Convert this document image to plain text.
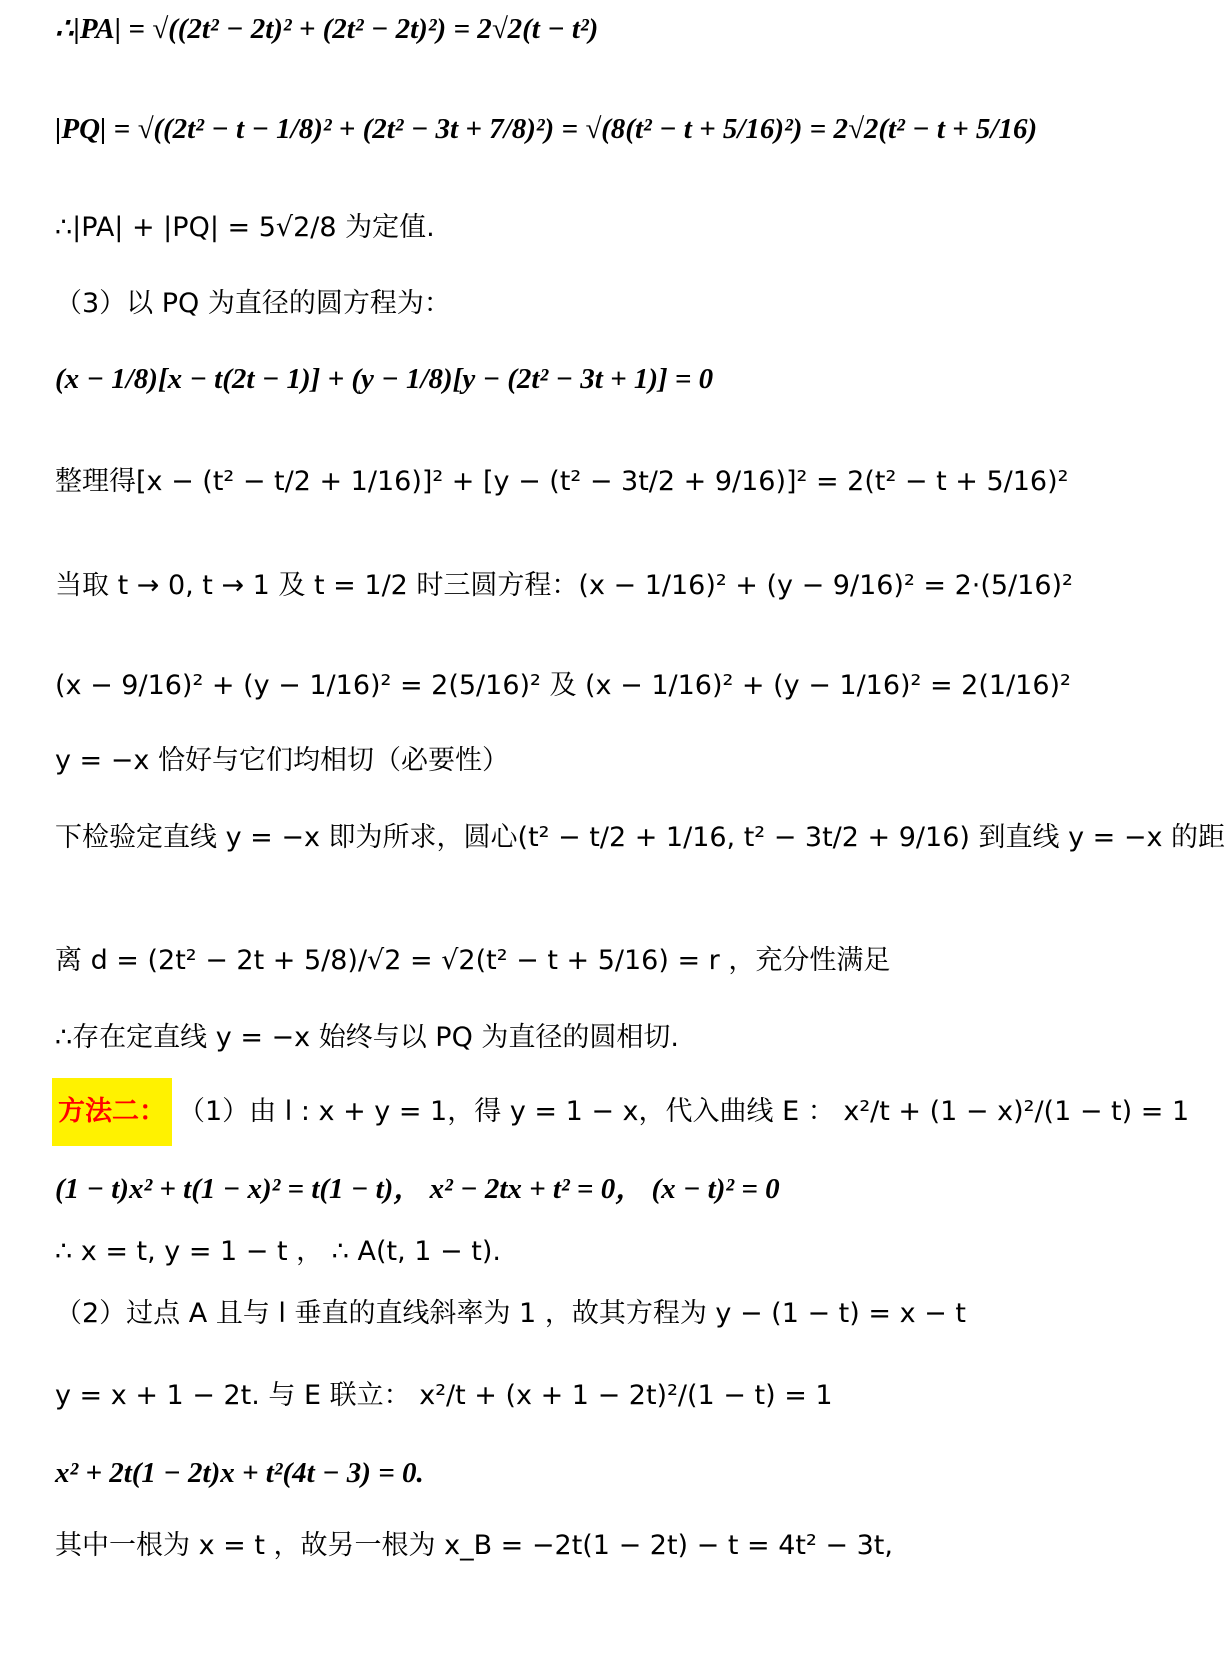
∴|PA| = √((2t² − 2t)² + (2t² − 2t)²) = 2√2(t − t²)
|PQ| = √((2t² − t − 1/8)² + (2t² − 3t + 7/8)²) = √(8(t² − t + 5/16)²) = 2√2(t² − t + 5/16)
∴|PA| + |PQ| = 5√2/8 为定值.
（3）以 PQ 为直径的圆方程为：
(x − 1/8)[x − t(2t − 1)] + (y − 1/8)[y − (2t² − 3t + 1)] = 0
整理得[x − (t² − t/2 + 1/16)]² + [y − (t² − 3t/2 + 9/16)]² = 2(t² − t + 5/16)²
当取 t → 0, t → 1 及 t = 1/2 时三圆方程：(x − 1/16)² + (y − 9/16)² = 2·(5/16)²
(x − 9/16)² + (y − 1/16)² = 2(5/16)² 及 (x − 1/16)² + (y − 1/16)² = 2(1/16)²
y = −x 恰好与它们均相切（必要性）
下检验定直线 y = −x 即为所求，圆心(t² − t/2 + 1/16, t² − 3t/2 + 9/16) 到直线 y = −x 的距
离 d = (2t² − 2t + 5/8)/√2 = √2(t² − t + 5/16) = r ，充分性满足
∴存在定直线 y = −x 始终与以 PQ 为直径的圆相切.
方法二： （1）由 l : x + y = 1，得 y = 1 − x，代入曲线 E ： x²/t + (1 − x)²/(1 − t) = 1
(1 − t)x² + t(1 − x)² = t(1 − t)， x² − 2tx + t² = 0， (x − t)² = 0
∴ x = t, y = 1 − t ， ∴ A(t, 1 − t).
（2）过点 A 且与 l 垂直的直线斜率为 1 ，故其方程为 y − (1 − t) = x − t
y = x + 1 − 2t. 与 E 联立： x²/t + (x + 1 − 2t)²/(1 − t) = 1
x² + 2t(1 − 2t)x + t²(4t − 3) = 0.
其中一根为 x = t ，故另一根为 x_B = −2t(1 − 2t) − t = 4t² − 3t,
